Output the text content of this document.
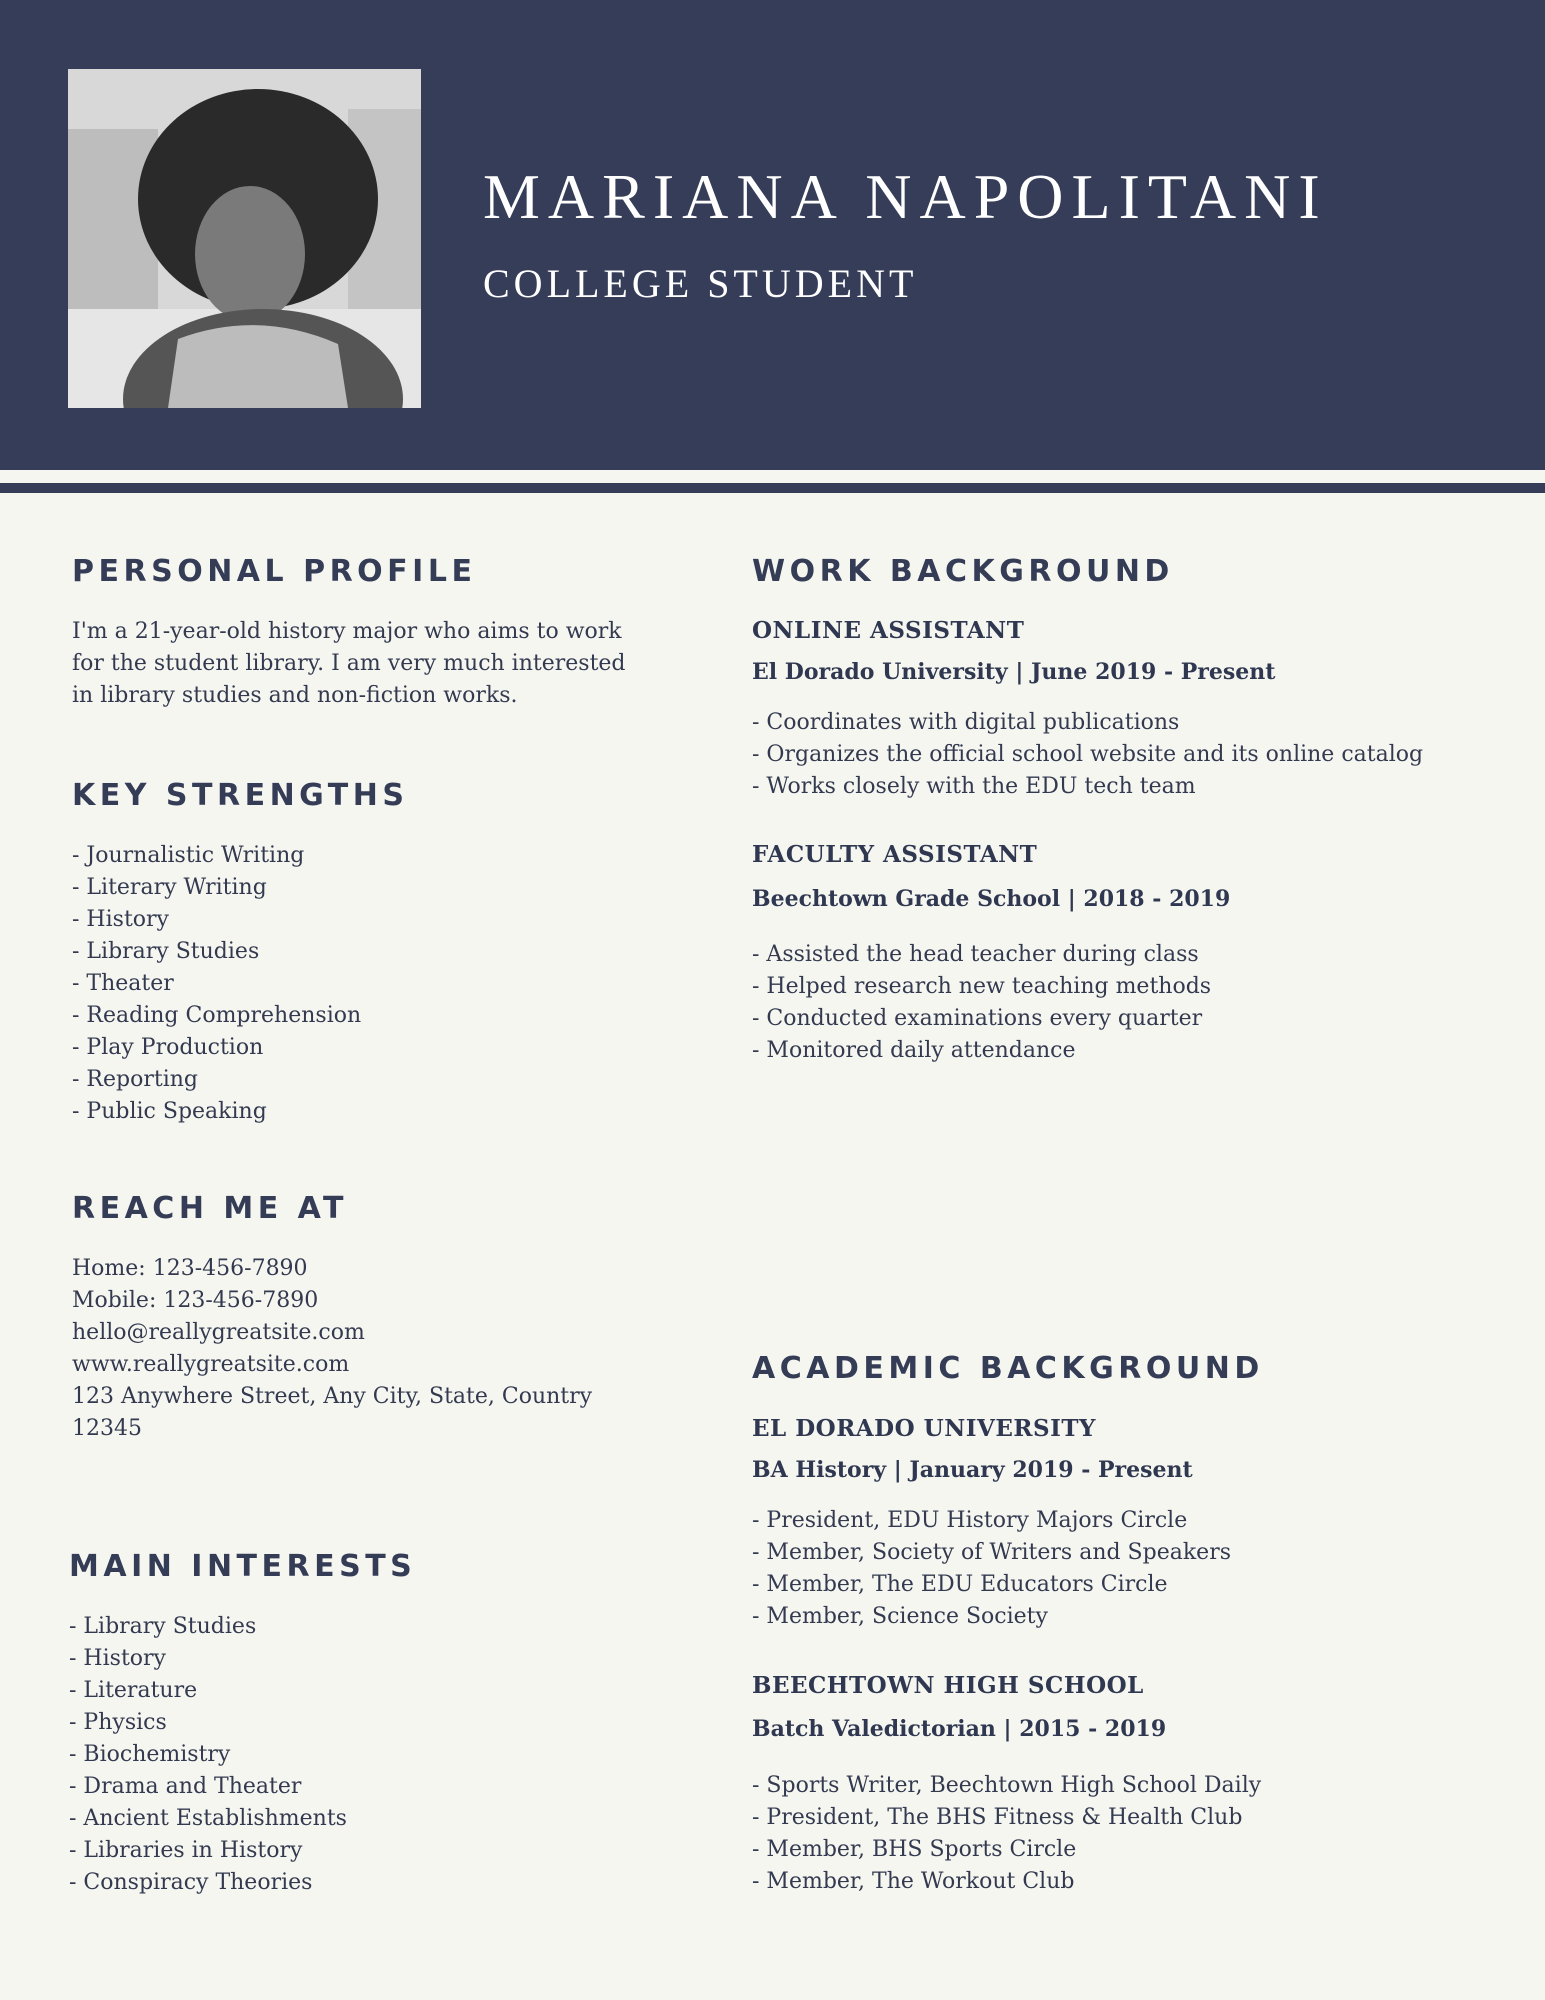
MARIANA NAPOLITANI
COLLEGE STUDENT
PERSONAL PROFILE
I'm a 21-year-old history major who aims to work
for the student library. I am very much interested
in library studies and non-fiction works.
KEY STRENGTHS
- Journalistic Writing
- Literary Writing
- History
- Library Studies
- Theater
- Reading Comprehension
- Play Production
- Reporting
- Public Speaking
REACH ME AT
Home: 123-456-7890
Mobile: 123-456-7890
hello@reallygreatsite.com
www.reallygreatsite.com
123 Anywhere Street, Any City, State, Country
12345
MAIN INTERESTS
- Library Studies
- History
- Literature
- Physics
- Biochemistry
- Drama and Theater
- Ancient Establishments
- Libraries in History
- Conspiracy Theories
WORK BACKGROUND
ONLINE ASSISTANT
El Dorado University | June 2019 - Present
- Coordinates with digital publications
- Organizes the official school website and its online catalog
- Works closely with the EDU tech team
FACULTY ASSISTANT
Beechtown Grade School | 2018 - 2019
- Assisted the head teacher during class
- Helped research new teaching methods
- Conducted examinations every quarter
- Monitored daily attendance
ACADEMIC BACKGROUND
EL DORADO UNIVERSITY
BA History | January 2019 - Present
- President, EDU History Majors Circle
- Member, Society of Writers and Speakers
- Member, The EDU Educators Circle
- Member, Science Society
BEECHTOWN HIGH SCHOOL
Batch Valedictorian | 2015 - 2019
- Sports Writer, Beechtown High School Daily
- President, The BHS Fitness & Health Club
- Member, BHS Sports Circle
- Member, The Workout Club
